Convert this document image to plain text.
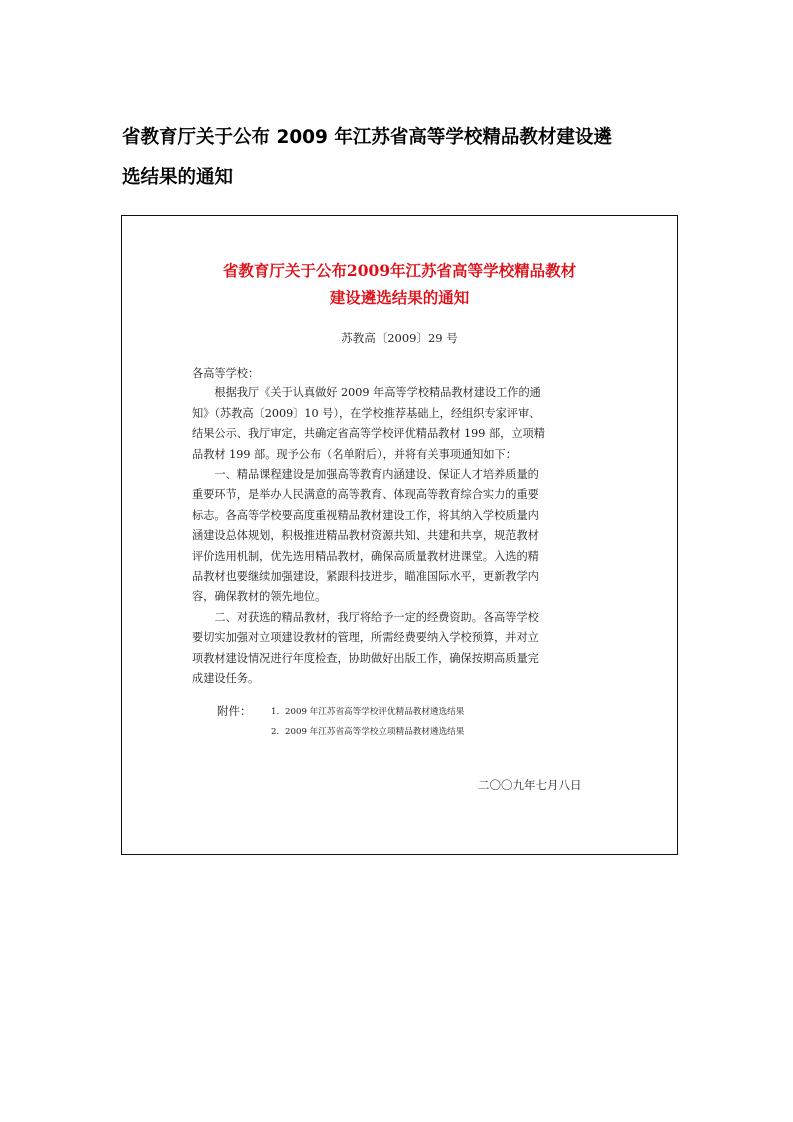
省教育厅关于公布 2009 年江苏省高等学校精品教材建设遴
选结果的通知
省教育厅关于公布2009年江苏省高等学校精品教材
建设遴选结果的通知
苏教高〔2009〕29 号
各高等学校：
　　根据我厅《关于认真做好 2009 年高等学校精品教材建设工作的通
知》（苏教高〔2009〕10 号），在学校推荐基础上，经组织专家评审、
结果公示、我厅审定，共确定省高等学校评优精品教材 199 部，立项精
品教材 199 部。现予公布（名单附后），并将有关事项通知如下：
　　一、精品课程建设是加强高等教育内涵建设、保证人才培养质量的
重要环节，是举办人民满意的高等教育、体现高等教育综合实力的重要
标志。各高等学校要高度重视精品教材建设工作，将其纳入学校质量内
涵建设总体规划，积极推进精品教材资源共知、共建和共享，规范教材
评价选用机制，优先选用精品教材，确保高质量教材进课堂。入选的精
品教材也要继续加强建设，紧跟科技进步，瞄准国际水平，更新教学内
容，确保教材的领先地位。
　　二、对获选的精品教材，我厅将给予一定的经费资助。各高等学校
要切实加强对立项建设教材的管理，所需经费要纳入学校预算，并对立
项教材建设情况进行年度检查，协助做好出版工作，确保按期高质量完
成建设任务。
附件： 1．2009 年江苏省高等学校评优精品教材遴选结果
2．2009 年江苏省高等学校立项精品教材遴选结果
二〇〇九年七月八日
